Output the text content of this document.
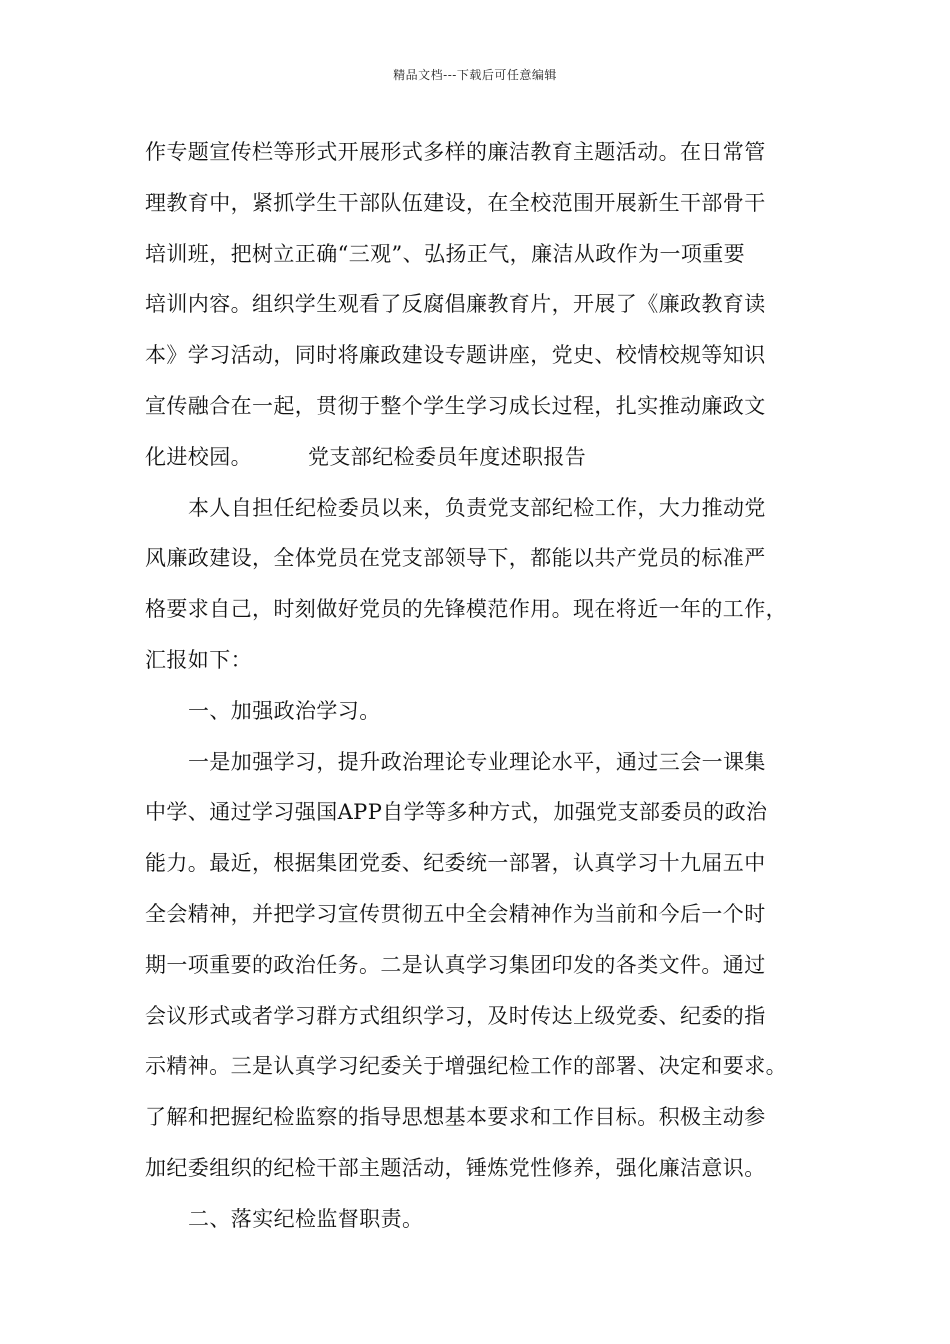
精品文档---下载后可任意编辑
作专题宣传栏等形式开展形式多样的廉洁教育主题活动。在日常管
理教育中，紧抓学生干部队伍建设，在全校范围开展新生干部骨干
培训班，把树立正确“三观”、弘扬正气，廉洁从政作为一项重要
培训内容。组织学生观看了反腐倡廉教育片，开展了《廉政教育读
本》学习活动，同时将廉政建设专题讲座，党史、校情校规等知识
宣传融合在一起，贯彻于整个学生学习成长过程，扎实推动廉政文
化进校园。	党支部纪检委员年度述职报告
本人自担任纪检委员以来，负责党支部纪检工作，大力推动党
风廉政建设，全体党员在党支部领导下，都能以共产党员的标准严
格要求自己，时刻做好党员的先锋模范作用。现在将近一年的工作，
汇报如下：
一、加强政治学习。
一是加强学习，提升政治理论专业理论水平，通过三会一课集
中学、通过学习强国APP自学等多种方式，加强党支部委员的政治
能力。最近，根据集团党委、纪委统一部署，认真学习十九届五中
全会精神，并把学习宣传贯彻五中全会精神作为当前和今后一个时
期一项重要的政治任务。二是认真学习集团印发的各类文件。通过
会议形式或者学习群方式组织学习，及时传达上级党委、纪委的指
示精神。三是认真学习纪委关于增强纪检工作的部署、决定和要求。
了解和把握纪检监察的指导思想基本要求和工作目标。积极主动参
加纪委组织的纪检干部主题活动，锤炼党性修养，强化廉洁意识。
二、落实纪检监督职责。
